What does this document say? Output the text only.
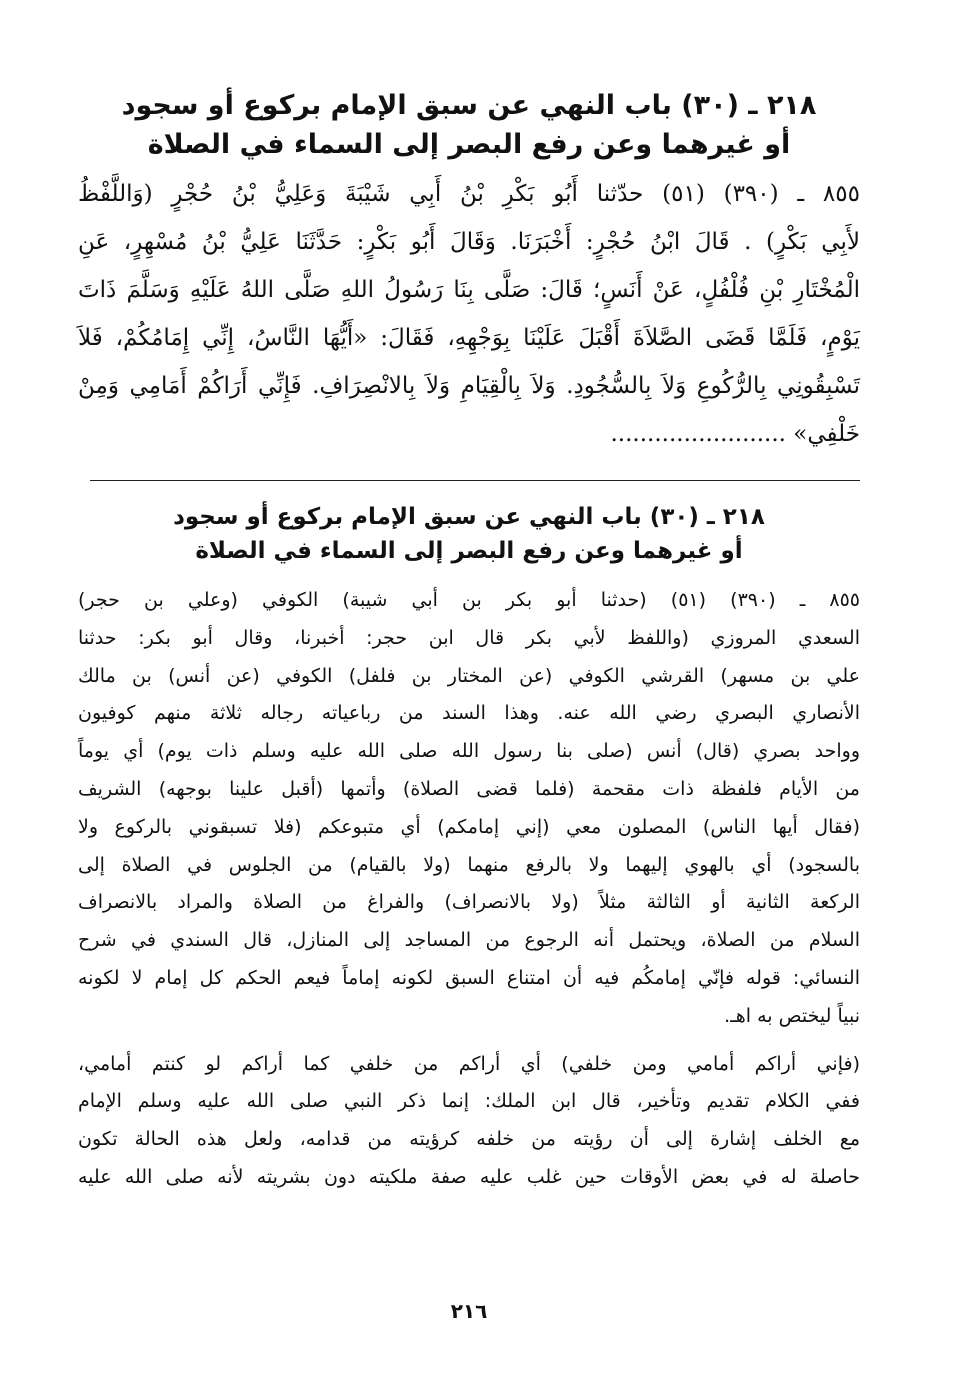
٢١٨ ـ (٣٠) باب النهي عن سبق الإمام بركوع أو سجود
أو غيرهما وعن رفع البصر إلى السماء في الصلاة

٨٥٥ ـ (٣٩٠) (٥١) حدّثنا أَبُو بَكْرِ بْنُ أَبِي شَيْبَةَ وَعَلِيُّ بْنُ حُجْرٍ (وَاللَّفْظُ
لأَبِي بَكْرٍ) . قَالَ ابْنُ حُجْرٍ: أَخْبَرَنَا. وَقَالَ أَبُو بَكْرٍ: حَدَّثَنَا عَلِيُّ بْنُ مُسْهِرٍ، عَنِ
الْمُخْتَارِ بْنِ فُلْفُلٍ، عَنْ أَنَسٍ؛ قَالَ: صَلَّى بِنَا رَسُولُ اللهِ صَلَّى اللهُ عَلَيْهِ وَسَلَّمَ ذَاتَ
يَوْمٍ، فَلَمَّا قَضَى الصَّلاَةَ أَقْبَلَ عَلَيْنَا بِوَجْهِهِ، فَقَالَ: «أَيُّهَا النَّاسُ، إِنِّي إِمَامُكُمْ، فَلاَ
تَسْبِقُونِي بِالرُّكُوعِ وَلاَ بِالسُّجُودِ. وَلاَ بِالْقِيَامِ وَلاَ بِالانْصِرَافِ. فَإِنِّي أَرَاكُمْ أَمَامِي وَمِنْ
خَلْفِي» ........................

٢١٨ ـ (٣٠) باب النهي عن سبق الإمام بركوع أو سجود
أو غيرهما وعن رفع البصر إلى السماء في الصلاة

٨٥٥ ـ (٣٩٠) (٥١) (حدثنا أبو بكر بن أبي شيبة) الكوفي (وعلي بن حجر)
السعدي المروزي (واللفظ لأبي بكر قال ابن حجر: أخبرنا، وقال أبو بكر: حدثنا
علي بن مسهر) القرشي الكوفي (عن المختار بن فلفل) الكوفي (عن أنس) بن مالك
الأنصاري البصري رضي الله عنه. وهذا السند من رباعياته رجاله ثلاثة منهم كوفيون
وواحد بصري (قال) أنس (صلى بنا رسول الله صلى الله عليه وسلم ذات يوم) أي يوماً
من الأيام فلفظة ذات مقحمة (فلما قضى الصلاة) وأتمها (أقبل علينا بوجهه) الشريف
(فقال أيها الناس) المصلون معي (إني إمامكم) أي متبوعكم (فلا تسبقوني بالركوع ولا
بالسجود) أي بالهوي إليهما ولا بالرفع منهما (ولا بالقيام) من الجلوس في الصلاة إلى
الركعة الثانية أو الثالثة مثلاً (ولا بالانصراف) والفراغ من الصلاة والمراد بالانصراف
السلام من الصلاة، ويحتمل أنه الرجوع من المساجد إلى المنازل، قال السندي في شرح
النسائي: قوله فإنّي إمامكُم فيه أن امتناع السبق لكونه إماماً فيعم الحكم كل إمام لا لكونه
نبياً ليختص به اهـ.

(فإني أراكم أمامي ومن خلفي) أي أراكم من خلفي كما أراكم لو كنتم أمامي،
ففي الكلام تقديم وتأخير، قال ابن الملك: إنما ذكر النبي صلى الله عليه وسلم الإمام
مع الخلف إشارة إلى أن رؤيته من خلفه كرؤيته من قدامه، ولعل هذه الحالة تكون
حاصلة له في بعض الأوقات حين غلب عليه صفة ملكيته دون بشريته لأنه صلى الله عليه

٢١٦
